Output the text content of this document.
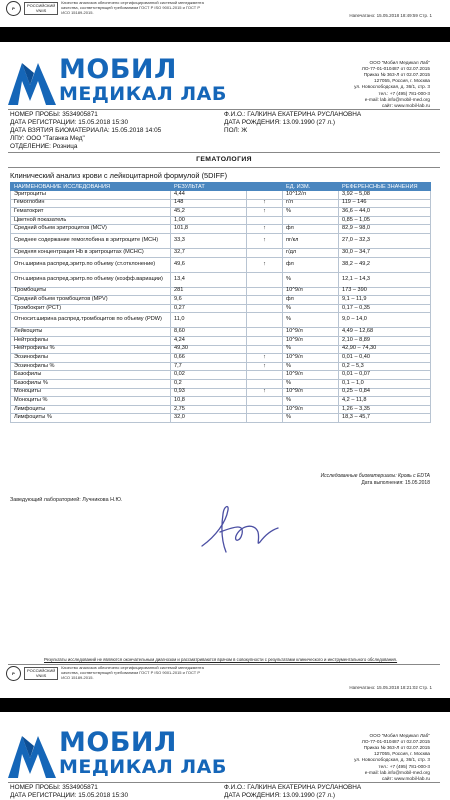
P
РОССИЙСКИЙ
VNIIS
Качество анализов обеспечено сертифицированной системой менеджмента качества, соответствующей требованиям ГОСТ Р ISO 9001-2015 и ГОСТ Р ИСО 15189-2015.
Напечатано: 15.05.2018 18:49:59 Стр. 1
МОБИЛ
МЕДИКАЛ ЛАБ
ООО "Мобил Медикал Лаб"
ЛО-77-01-010487 от 02.07.2015
Приказ № 363-Л от 02.07.2015
127055, Россия, г. Москва
ул. Новослободская, д. 36/1, стр. 3
тел.: +7 (495) 781-000-3
e-mail: lab.info@mobil-med.org
сайт: www.mobil-lab.ru
НОМЕР ПРОБЫ: 3534905871
ДАТА РЕГИСТРАЦИИ: 15.05.2018 15:30
ДАТА ВЗЯТИЯ БИОМАТЕРИАЛА: 15.05.2018 14:05
ЛПУ: ООО "Таганка Мед"
ОТДЕЛЕНИЕ: Розница
Ф.И.О.: ГАЛКИНА ЕКАТЕРИНА РУСЛАНОВНА
ДАТА РОЖДЕНИЯ: 13.09.1990 (27 л.)
ПОЛ: Ж
ГЕМАТОЛОГИЯ
Клинический анализ крови с лейкоцитарной формулой (5DIFF)
НАИМЕНОВАНИЕ ИССЛЕДОВАНИЯ	РЕЗУЛЬТАТ		ЕД. ИЗМ.	РЕФЕРЕНСНЫЕ ЗНАЧЕНИЯ
Эритроциты	4,44		10^12/л	3,92 – 5,08
Гемоглобин	148	↑	г/л	119 – 146
Гематокрит	45,2	↑	%	36,6 – 44,0
Цветной показатель	1,00			0,85 – 1,05
Средний объем эритроцитов (MCV)	101,8	↑	фл	82,9 – 98,0
Среднее содержание гемоглобина в эритроците (MCH)	33,3	↑	пг/кл	27,0 – 32,3
Средняя концентрация Hb в эритроцитах (MCHC)	32,7		г/дл	30,0 – 34,7
Отн.ширина распред.эритр.по объему (ст.отклонение)	49,6	↑	фл	38,2 – 49,2
Отн.ширина распред.эритр.по объему (коэфф.вариации)	13,4		%	12,1 – 14,3
Тромбоциты	281		10^9/л	173 – 390
Средний объем тромбоцитов (MPV)	9,6		фл	9,1 – 11,9
Тромбокрит (PCT)	0,27		%	0,17 – 0,35
Относит.ширина распред.тромбоцитов по объему (PDW)	11,0		%	9,0 – 14,0
Лейкоциты	8,60		10^9/л	4,49 – 12,68
Нейтрофилы	4,24		10^9/л	2,10 – 8,89
Нейтрофилы %	49,30		%	42,90 – 74,30
Эозинофилы	0,66	↑	10^9/л	0,01 – 0,40
Эозинофилы %	7,7	↑	%	0,2 – 5,3
Базофилы	0,02		10^9/л	0,01 – 0,07
Базофилы %	0,2		%	0,1 – 1,0
Моноциты	0,93	↑	10^9/л	0,25 – 0,84
Моноциты %	10,8		%	4,2 – 11,8
Лимфоциты	2,75		10^9/л	1,26 – 3,35
Лимфоциты %	32,0		%	18,3 – 45,7
Исследованные биоматериалы: Кровь с EDTA
Дата выполнения: 15.05.2018
Заведующий лабораторией: Лучникова Н.Ю.
Результаты исследований не являются окончательным диагнозом и рассматриваются врачом в совокупности с результатами клинического и инструментального обследования.
P
РОССИЙСКИЙ
VNIIS
Качество анализов обеспечено сертифицированной системой менеджмента качества, соответствующей требованиям ГОСТ Р ISO 9001-2015 и ГОСТ Р ИСО 15189-2015.
Напечатано: 15.05.2018 18:21:02 Стр. 1
МОБИЛ
МЕДИКАЛ ЛАБ
ООО "Мобил Медикал Лаб"
ЛО-77-01-010487 от 02.07.2015
Приказ № 363-Л от 02.07.2015
127055, Россия, г. Москва
ул. Новослободская, д. 36/1, стр. 3
тел.: +7 (495) 781-000-3
e-mail: lab.info@mobil-med.org
сайт: www.mobil-lab.ru
НОМЕР ПРОБЫ: 3534905871
ДАТА РЕГИСТРАЦИИ: 15.05.2018 15:30
Ф.И.О.: ГАЛКИНА ЕКАТЕРИНА РУСЛАНОВНА
ДАТА РОЖДЕНИЯ: 13.09.1990 (27 л.)
